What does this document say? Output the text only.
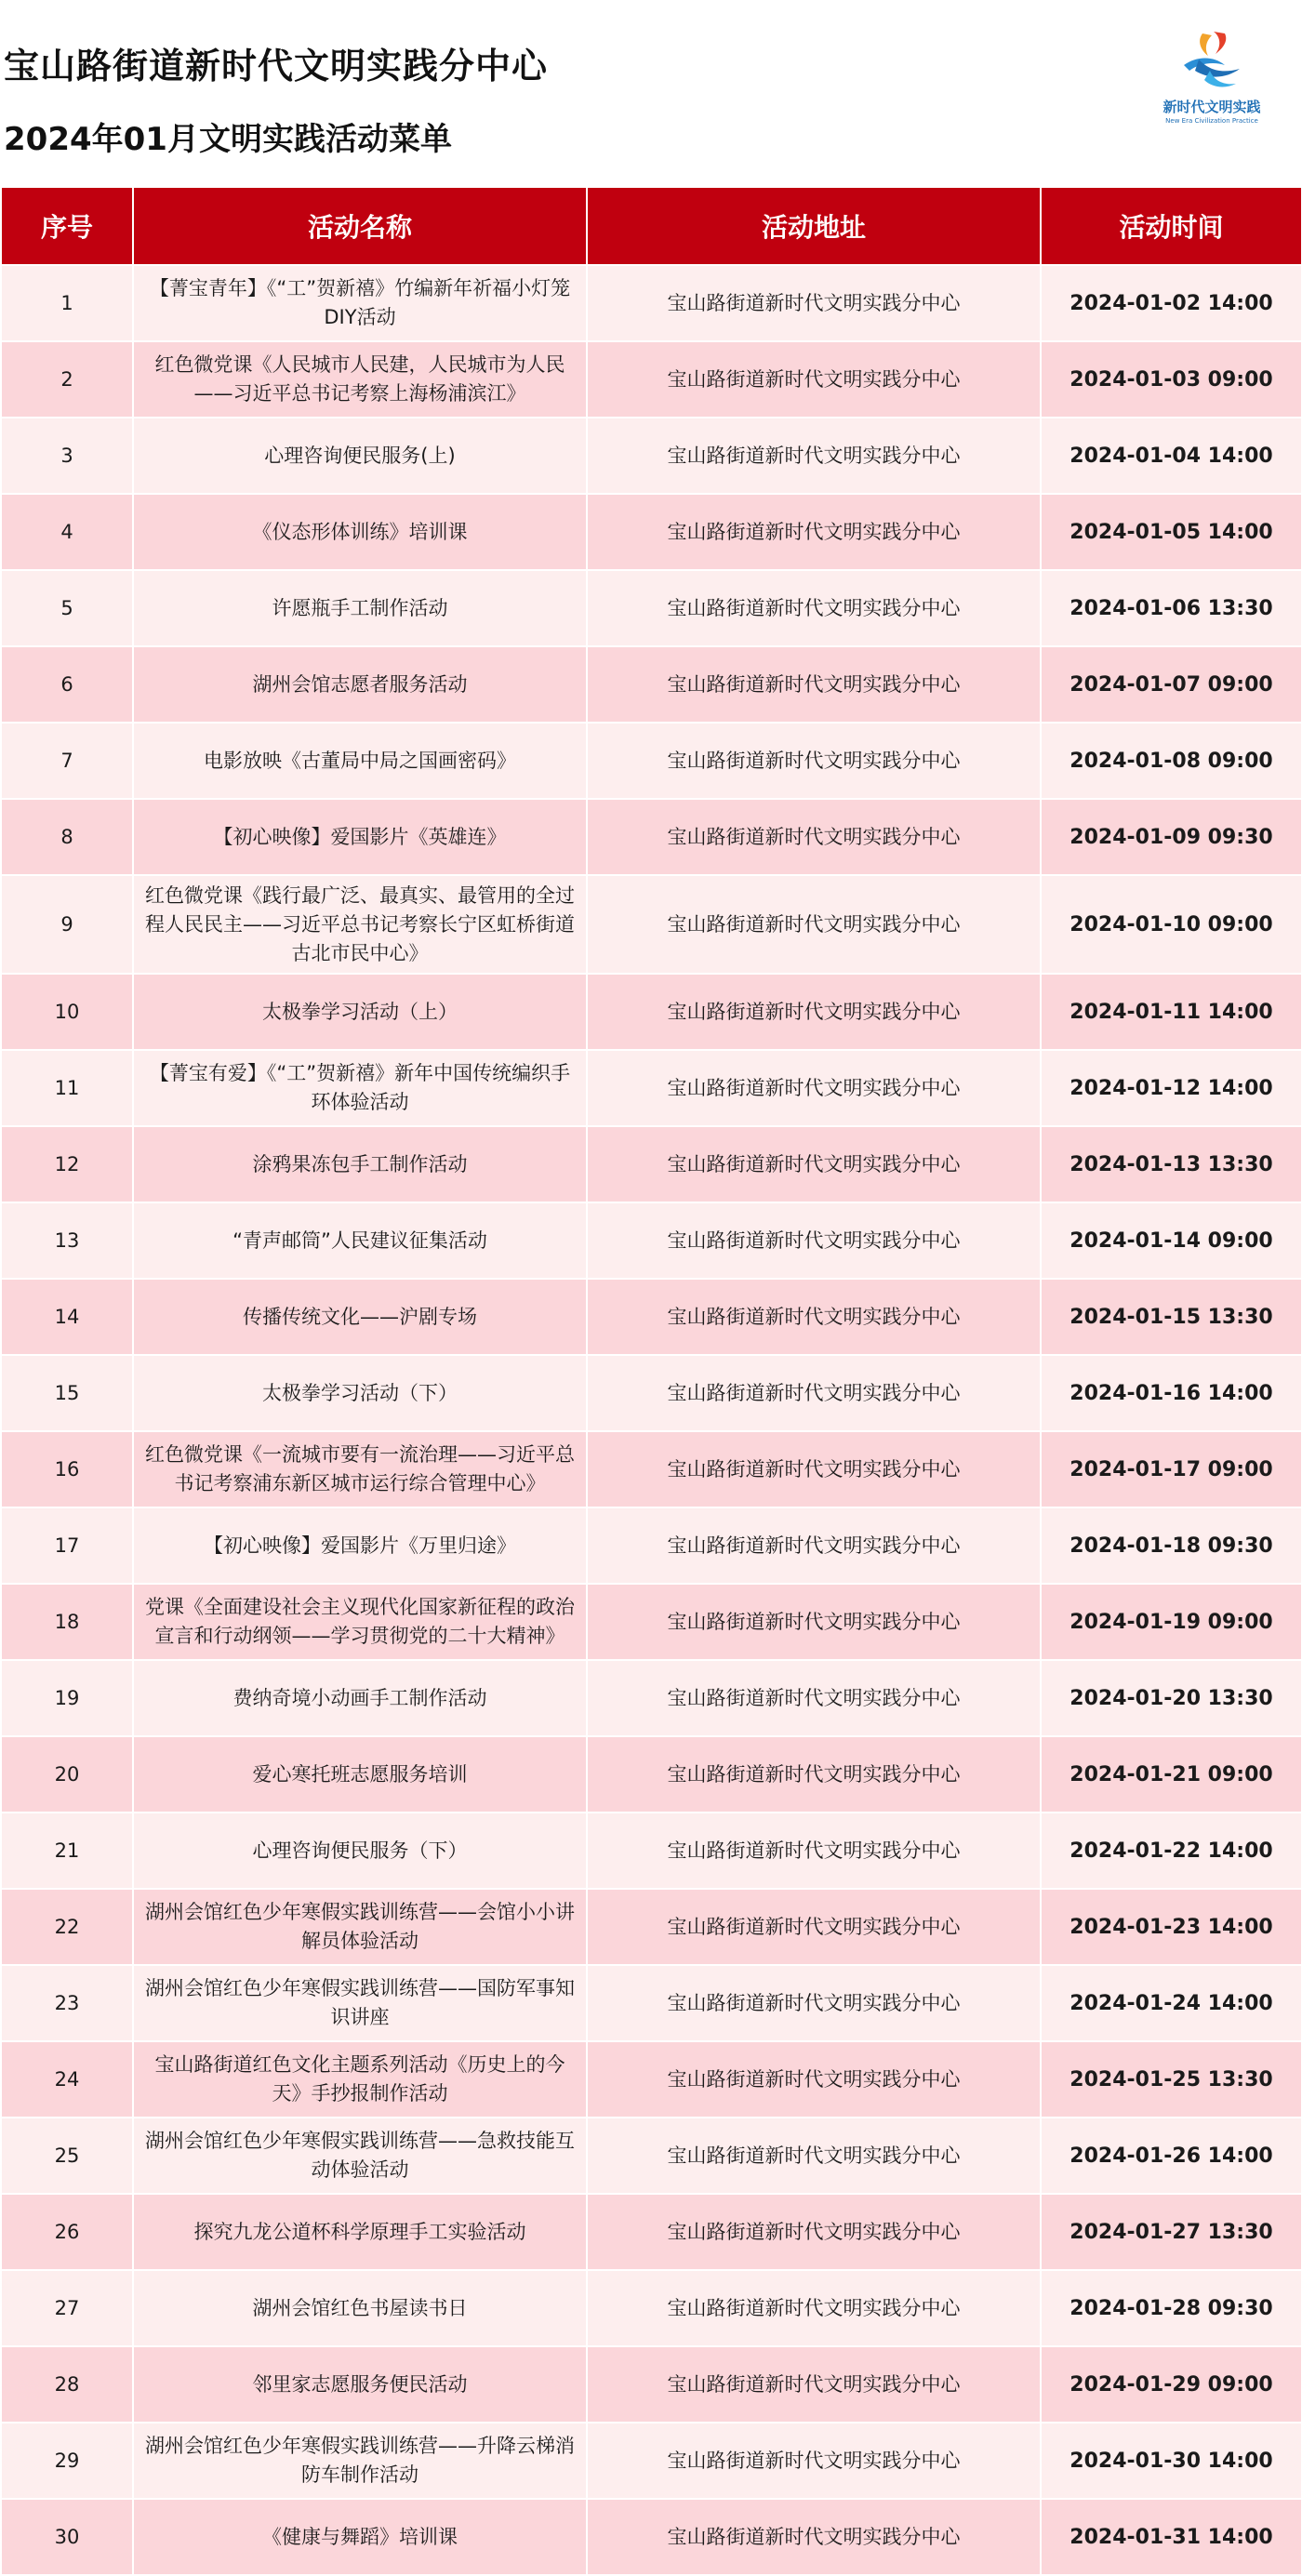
宝山路街道新时代文明实践分中心
2024年01月文明实践活动菜单
新时代文明实践
New Era Civilization Practice
序号	活动名称	活动地址	活动时间
1	【菁宝青年】《“工”贺新禧》竹编新年祈福小灯笼DIY活动	宝山路街道新时代文明实践分中心	2024-01-02 14:00
2	红色微党课《人民城市人民建，人民城市为人民——习近平总书记考察上海杨浦滨江》	宝山路街道新时代文明实践分中心	2024-01-03 09:00
3	心理咨询便民服务(上)	宝山路街道新时代文明实践分中心	2024-01-04 14:00
4	《仪态形体训练》培训课	宝山路街道新时代文明实践分中心	2024-01-05 14:00
5	许愿瓶手工制作活动	宝山路街道新时代文明实践分中心	2024-01-06 13:30
6	湖州会馆志愿者服务活动	宝山路街道新时代文明实践分中心	2024-01-07 09:00
7	电影放映《古董局中局之国画密码》	宝山路街道新时代文明实践分中心	2024-01-08 09:00
8	【初心映像】爱国影片《英雄连》	宝山路街道新时代文明实践分中心	2024-01-09 09:30
9	红色微党课《践行最广泛、最真实、最管用的全过程人民民主——习近平总书记考察长宁区虹桥街道古北市民中心》	宝山路街道新时代文明实践分中心	2024-01-10 09:00
10	太极拳学习活动（上）	宝山路街道新时代文明实践分中心	2024-01-11 14:00
11	【菁宝有爱】《“工”贺新禧》新年中国传统编织手环体验活动	宝山路街道新时代文明实践分中心	2024-01-12 14:00
12	涂鸦果冻包手工制作活动	宝山路街道新时代文明实践分中心	2024-01-13 13:30
13	“青声邮筒”人民建议征集活动	宝山路街道新时代文明实践分中心	2024-01-14 09:00
14	传播传统文化——沪剧专场	宝山路街道新时代文明实践分中心	2024-01-15 13:30
15	太极拳学习活动（下）	宝山路街道新时代文明实践分中心	2024-01-16 14:00
16	红色微党课《一流城市要有一流治理——习近平总书记考察浦东新区城市运行综合管理中心》	宝山路街道新时代文明实践分中心	2024-01-17 09:00
17	【初心映像】爱国影片《万里归途》	宝山路街道新时代文明实践分中心	2024-01-18 09:30
18	党课《全面建设社会主义现代化国家新征程的政治宣言和行动纲领——学习贯彻党的二十大精神》	宝山路街道新时代文明实践分中心	2024-01-19 09:00
19	费纳奇境小动画手工制作活动	宝山路街道新时代文明实践分中心	2024-01-20 13:30
20	爱心寒托班志愿服务培训	宝山路街道新时代文明实践分中心	2024-01-21 09:00
21	心理咨询便民服务（下）	宝山路街道新时代文明实践分中心	2024-01-22 14:00
22	湖州会馆红色少年寒假实践训练营——会馆小小讲解员体验活动	宝山路街道新时代文明实践分中心	2024-01-23 14:00
23	湖州会馆红色少年寒假实践训练营——国防军事知识讲座	宝山路街道新时代文明实践分中心	2024-01-24 14:00
24	宝山路街道红色文化主题系列活动《历史上的今天》手抄报制作活动	宝山路街道新时代文明实践分中心	2024-01-25 13:30
25	湖州会馆红色少年寒假实践训练营——急救技能互动体验活动	宝山路街道新时代文明实践分中心	2024-01-26 14:00
26	探究九龙公道杯科学原理手工实验活动	宝山路街道新时代文明实践分中心	2024-01-27 13:30
27	湖州会馆红色书屋读书日	宝山路街道新时代文明实践分中心	2024-01-28 09:30
28	邻里家志愿服务便民活动	宝山路街道新时代文明实践分中心	2024-01-29 09:00
29	湖州会馆红色少年寒假实践训练营——升降云梯消防车制作活动	宝山路街道新时代文明实践分中心	2024-01-30 14:00
30	《健康与舞蹈》培训课	宝山路街道新时代文明实践分中心	2024-01-31 14:00
